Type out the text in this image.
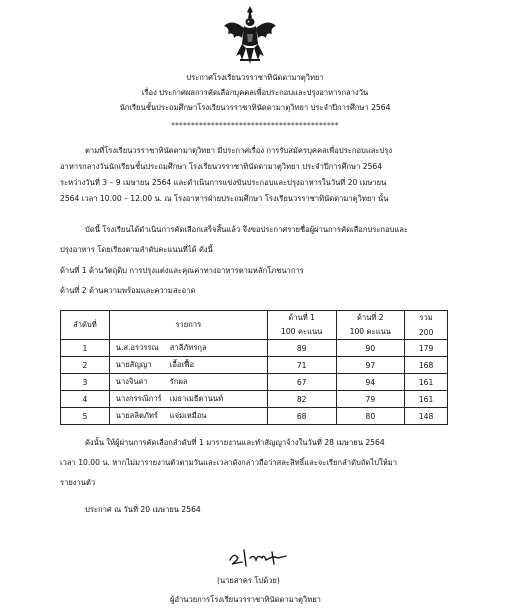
ประกาศโรงเรียนวรราชาทินัดดามาตุวิทยา
เรื่อง ประกาศผลการคัดเลือกบุคคลเพื่อประกอบและปรุงอาหารกลางวัน
นักเรียนชั้นประถมศึกษาโรงเรียนวรราชาทินัดดามาตุวิทยา ประจำปีการศึกษา 2564
******************************************
ตามที่โรงเรียนวรราชาทินัดดามาตุวิทยา มีประกาศเรื่อง การรับสมัครบุคคลเพื่อประกอบและปรุง
อาหารกลางวันนักเรียนชั้นประถมศึกษา โรงเรียนวรราชาทินัดดามาตุวิทยา ประจำปีการศึกษา 2564
ระหว่างวันที่ 3 – 9 เมษายน 2564 และดำเนินการแข่งขันประกอบและปรุงอาหารในวันที่ 20 เมษายน
2564 เวลา 10.00 – 12.00 น. ณ โรงอาหารฝ่ายประถมศึกษา โรงเรียนวรราชาทินัดดามาตุวิทยา นั้น
บัดนี้ โรงเรียนได้ดำเนินการคัดเลือกเสร็จสิ้นแล้ว จึงขอประกาศรายชื่อผู้ผ่านการคัดเลือกประกอบและ
ปรุงอาหาร โดยเรียงตามลำดับคะแนนที่ได้ ดังนี้
ด้านที่ 1 ด้านวัตถุดิบ การปรุงแต่งและคุณค่าทางอาหารตามหลักโภชนาการ
ด้านที่ 2 ด้านความพร้อมและความสะอาด
ลำดับที่	รายการ	ด้านที่ 1	ด้านที่ 2	รวม
		100 คะแนน	100 คะแนน	200
1	น.ส.อรวรรณ สาลีภัทรกุล	89	90	179
2	นายสัญญา เอื้อเฟื้อ	71	97	168
3	นางจินดา รักผล	67	94	161
4	นางกรรณิการ์ เมธาเมธีตานนท์	82	79	161
5	นายลลิตภัทร์ แจ่มเหมือน	68	80	148
ดังนั้น ให้ผู้ผ่านการคัดเลือกลำดับที่ 1 มารายงานและทำสัญญาจ้างในวันที่ 28 เมษายน 2564
เวลา 10.00 น. หากไม่มารายงานตัวตามวันและเวลาดังกล่าวถือว่าสละสิทธิ์และจะเรียกลำดับถัดไปให้มา
รายงานตัว
ประกาศ ณ วันที่ 20 เมษายน 2564
(นายสาคร โปด้วย)
ผู้อำนวยการโรงเรียนวรราชาทินัดดามาตุวิทยา
